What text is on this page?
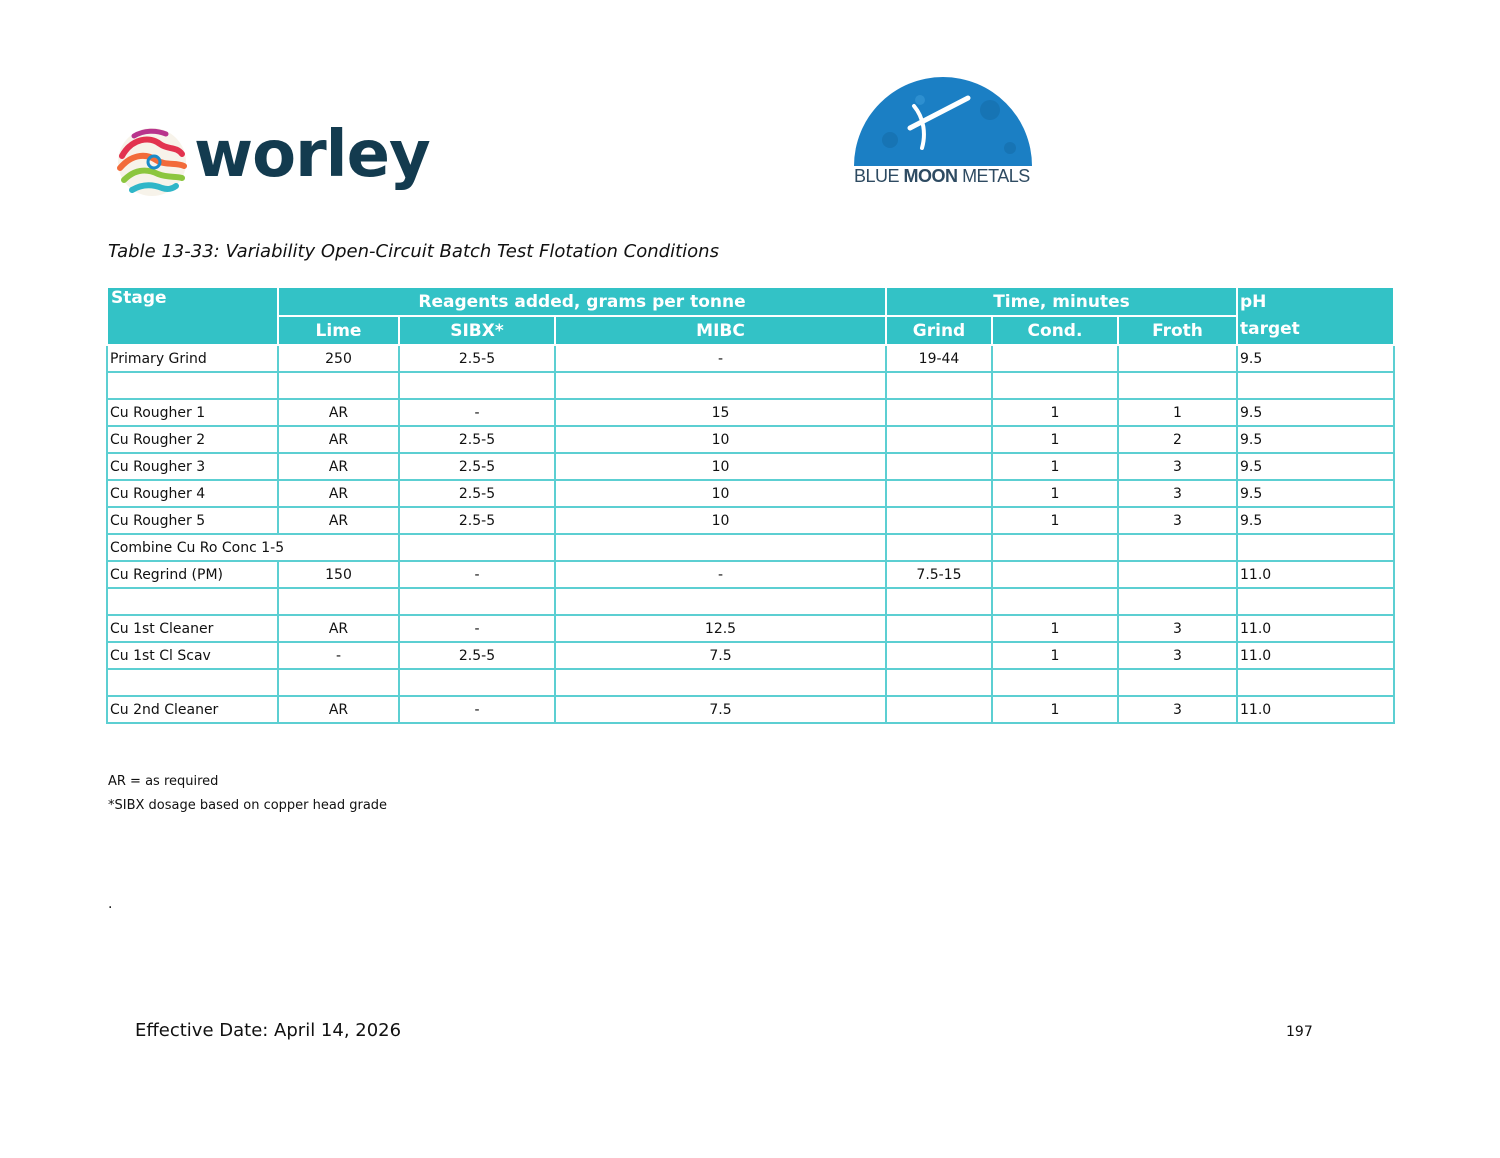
worley	BLUE MOON METALS
Table 13-33: Variability Open-Circuit Batch Test Flotation Conditions
Stage	Reagents added, grams per tonne			Time, minutes			pH
target
	Lime	SIBX*	MIBC	Grind	Cond.	Froth	
Primary Grind	250	2.5-5	-	19-44			9.5

Cu Rougher 1	AR	-	15		1	1	9.5
Cu Rougher 2	AR	2.5-5	10		1	2	9.5
Cu Rougher 3	AR	2.5-5	10		1	3	9.5
Cu Rougher 4	AR	2.5-5	10		1	3	9.5
Cu Rougher 5	AR	2.5-5	10		1	3	9.5
Combine Cu Ro Conc 1-5							
Cu Regrind (PM)	150	-	-	7.5-15			11.0

Cu 1st Cleaner	AR	-	12.5		1	3	11.0
Cu 1st Cl Scav	-	2.5-5	7.5		1	3	11.0

Cu 2nd Cleaner	AR	-	7.5		1	3	11.0
AR = as required
*SIBX dosage based on copper head grade
.
Effective Date: April 14, 2026	197
